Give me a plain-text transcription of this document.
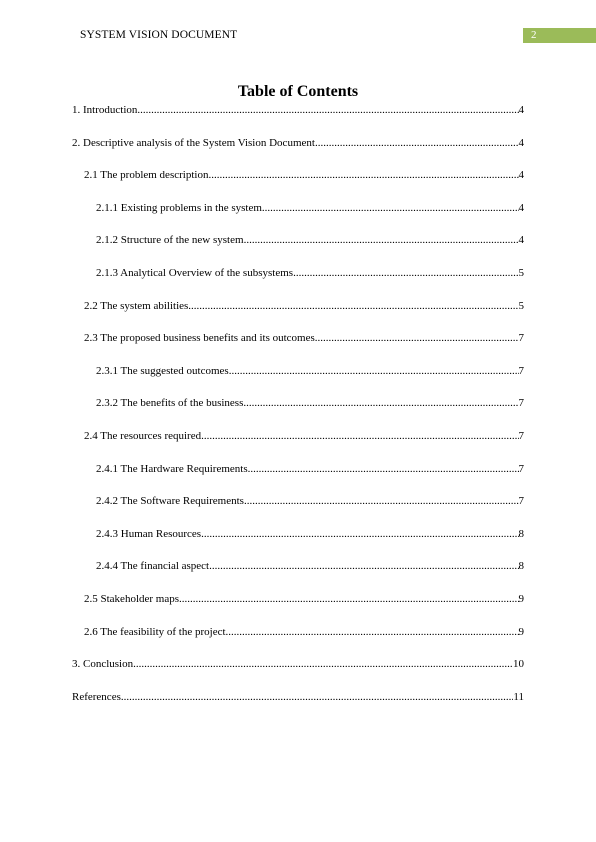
SYSTEM VISION DOCUMENT	2
Table of Contents
1. Introduction .....	4
2. Descriptive analysis of the System Vision Document .....	4
2.1 The problem description .....	4
2.1.1 Existing problems in the system .....	4
2.1.2 Structure of the new system .....	4
2.1.3 Analytical Overview of the subsystems .....	5
2.2 The system abilities .....	5
2.3 The proposed business benefits and its outcomes .....	7
2.3.1 The suggested outcomes .....	7
2.3.2 The benefits of the business .....	7
2.4 The resources required .....	7
2.4.1 The Hardware Requirements .....	7
2.4.2 The Software Requirements .....	7
2.4.3 Human Resources .....	8
2.4.4 The financial aspect .....	8
2.5 Stakeholder maps .....	9
2.6 The feasibility of the project .....	9
3. Conclusion .....	10
References .....	11
